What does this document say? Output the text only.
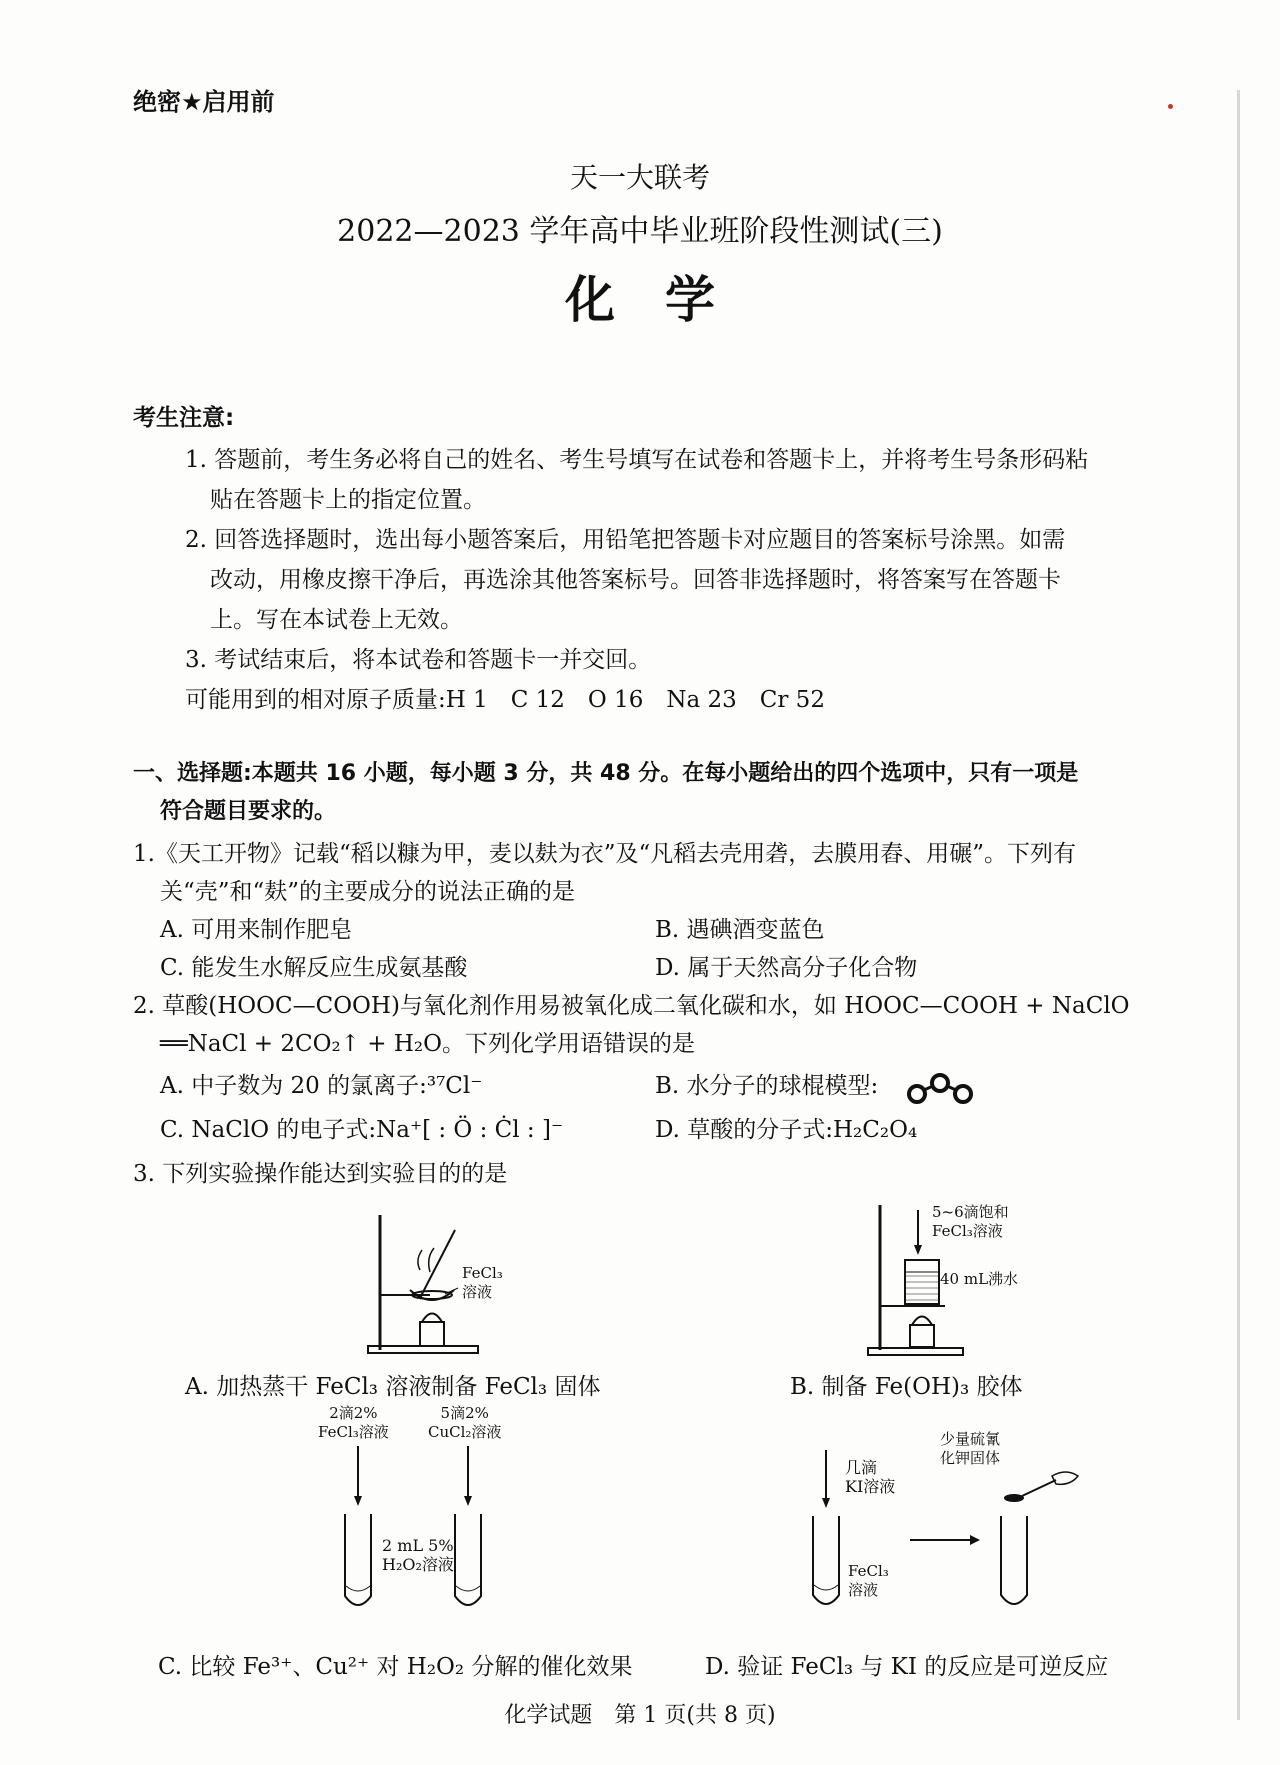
绝密★启用前
天一大联考
2022—2023 学年高中毕业班阶段性测试(三)
化　学
考生注意:
1. 答题前，考生务必将自己的姓名、考生号填写在试卷和答题卡上，并将考生号条形码粘
贴在答题卡上的指定位置。
2. 回答选择题时，选出每小题答案后，用铅笔把答题卡对应题目的答案标号涂黑。如需
改动，用橡皮擦干净后，再选涂其他答案标号。回答非选择题时，将答案写在答题卡
上。写在本试卷上无效。
3. 考试结束后，将本试卷和答题卡一并交回。
可能用到的相对原子质量:H 1　C 12　O 16　Na 23　Cr 52
一、选择题:本题共 16 小题，每小题 3 分，共 48 分。在每小题给出的四个选项中，只有一项是
符合题目要求的。
1.《天工开物》记载“稻以糠为甲，麦以麸为衣”及“凡稻去壳用砻，去膜用舂、用碾”。下列有
关“壳”和“麸”的主要成分的说法正确的是
A. 可用来制作肥皂	B. 遇碘酒变蓝色
C. 能发生水解反应生成氨基酸	D. 属于天然高分子化合物
2. 草酸(HOOC—COOH)与氧化剂作用易被氧化成二氧化碳和水，如 HOOC—COOH + NaClO
══NaCl + 2CO₂↑ + H₂O。下列化学用语错误的是
A. 中子数为 20 的氯离子:³⁷Cl⁻	B. 水分子的球棍模型:
C. NaClO 的电子式:Na⁺[ : Ö : Ċl : ]⁻	D. 草酸的分子式:H₂C₂O₄
3. 下列实验操作能达到实验目的的是
FeCl₃
溶液
A. 加热蒸干 FeCl₃ 溶液制备 FeCl₃ 固体
5~6滴饱和
FeCl₃溶液
40 mL沸水
B. 制备 Fe(OH)₃ 胶体
2滴2%
FeCl₃溶液
5滴2%
CuCl₂溶液
2 mL 5%
H₂O₂溶液
C. 比较 Fe³⁺、Cu²⁺ 对 H₂O₂ 分解的催化效果
几滴
KI溶液
少量硫氰
化钾固体
FeCl₃
溶液
D. 验证 FeCl₃ 与 KI 的反应是可逆反应
化学试题　第 1 页(共 8 页)
